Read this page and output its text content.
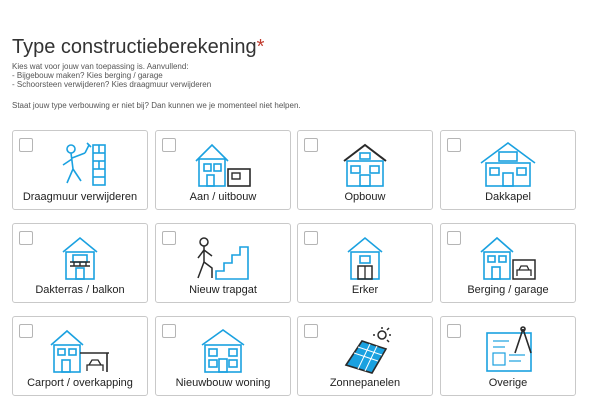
Type constructieberekening*
Kies wat voor jouw van toepassing is. Aanvullend:
- Bijgebouw maken? Kies berging / garage
- Schoorsteen verwijderen? Kies draagmuur verwijderen
Staat jouw type verbouwing er niet bij? Dan kunnen we je momenteel niet helpen.
Draagmuur verwijderen	Aan / uitbouw	Opbouw	Dakkapel
Dakterras / balkon	Nieuw trapgat	Erker	Berging / garage
Carport / overkapping	Nieuwbouw woning	Zonnepanelen	Overige
